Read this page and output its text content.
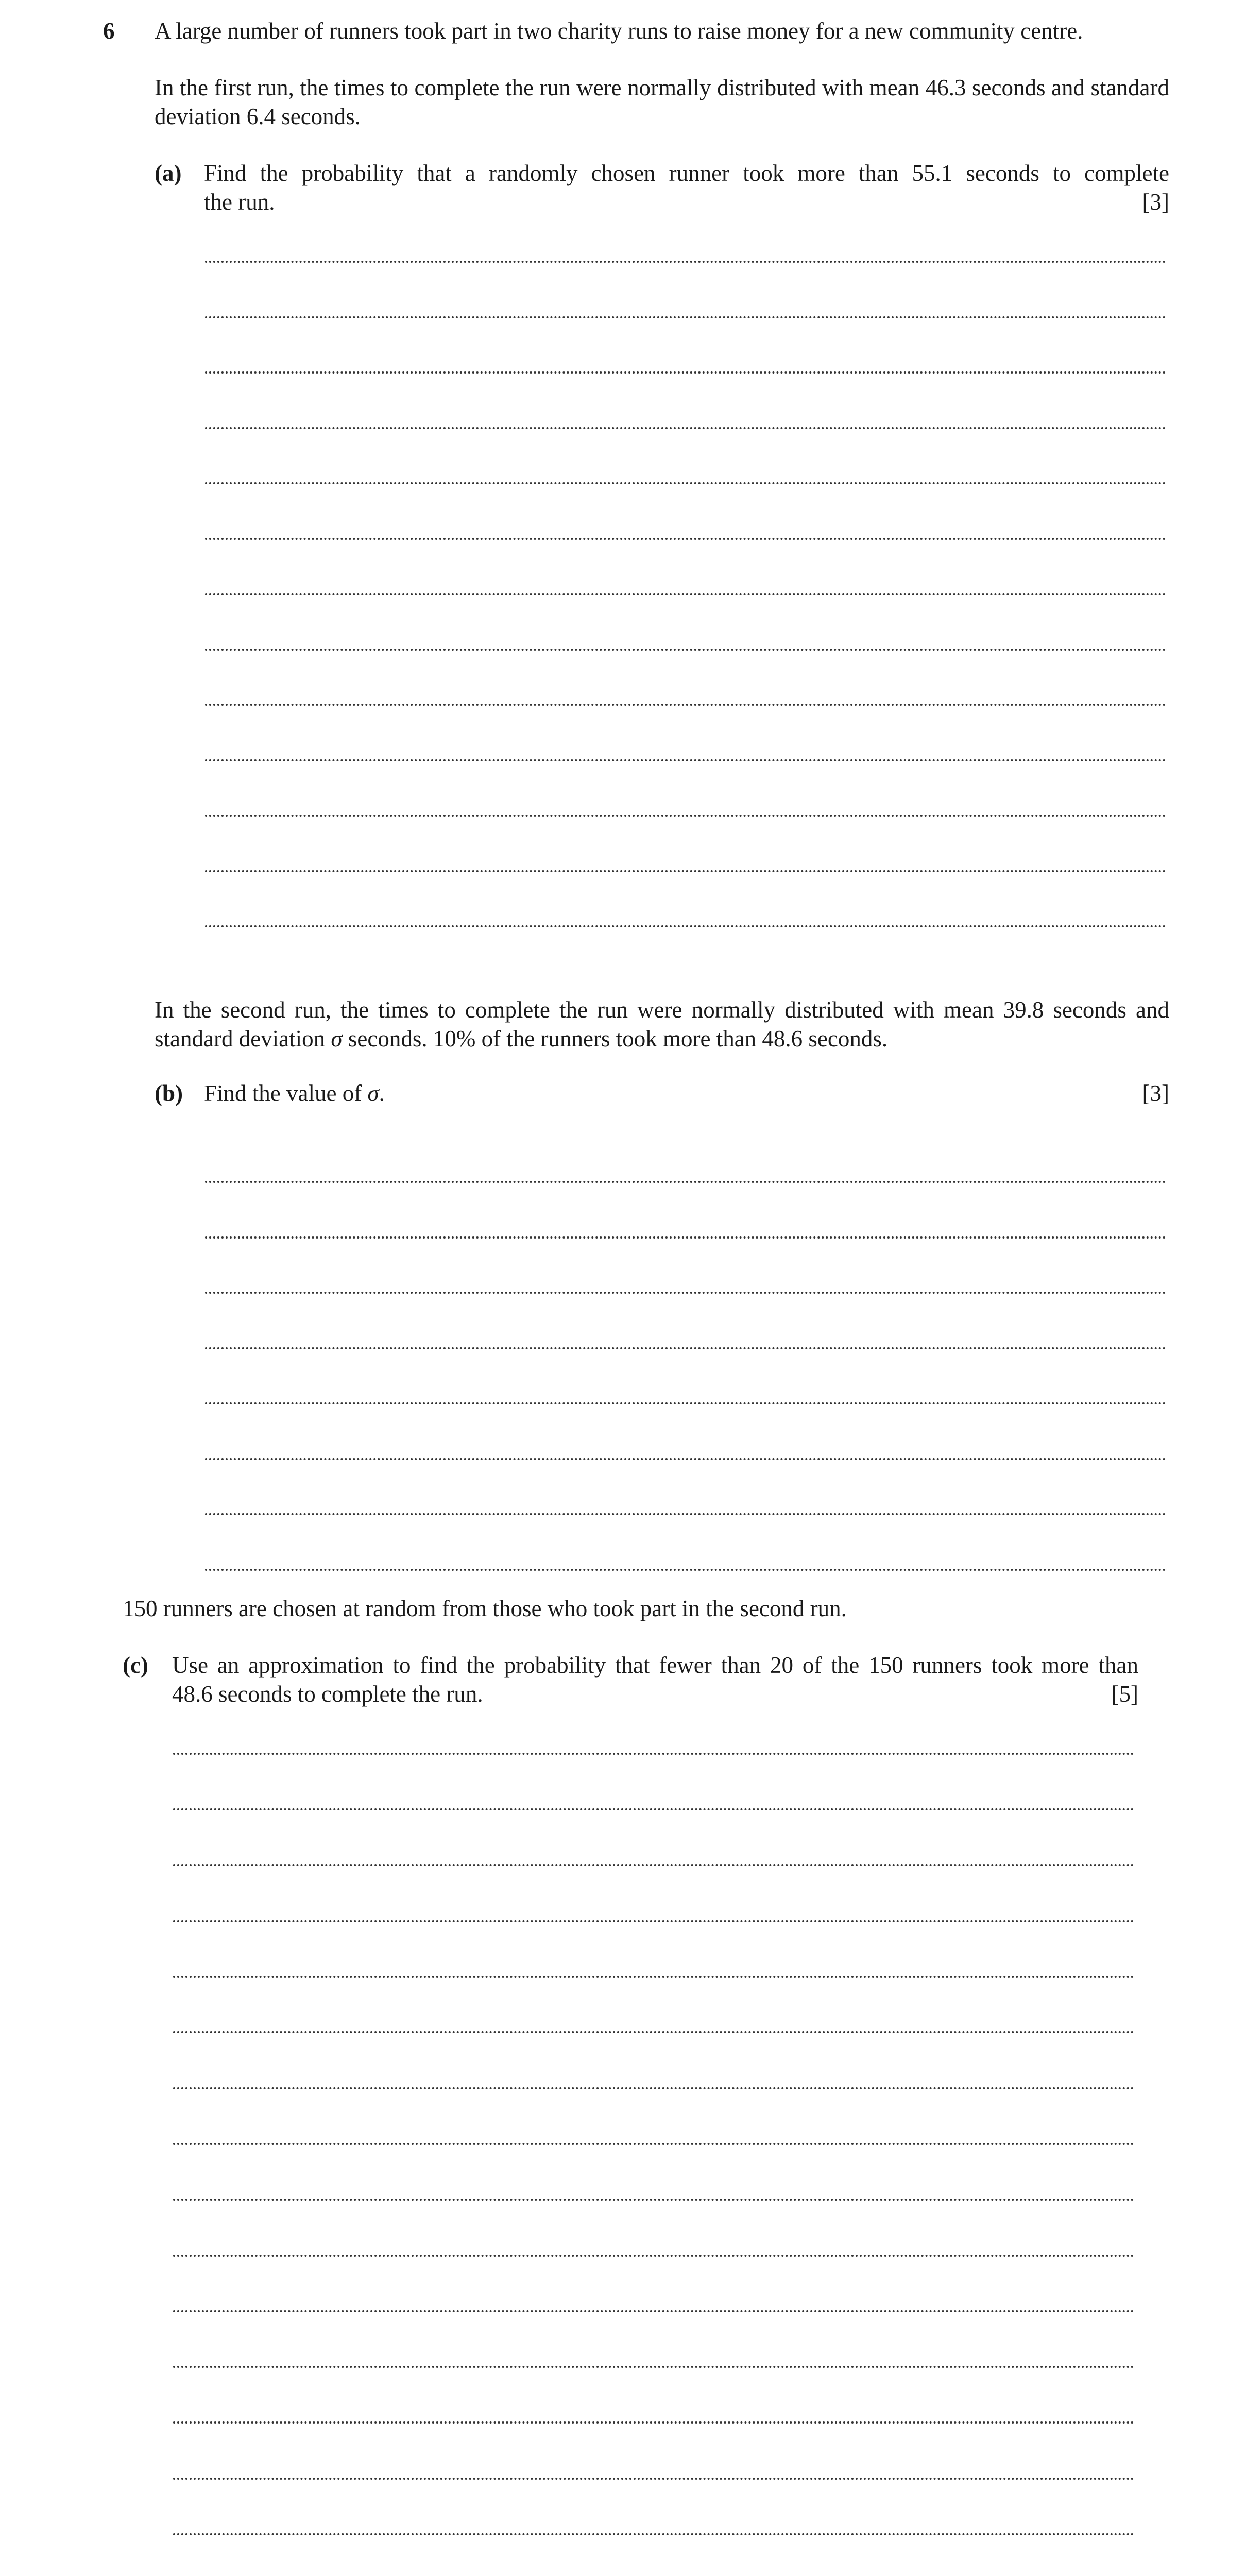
6 A large number of runners took part in two charity runs to raise money for a new community centre.

In the first run, the times to complete the run were normally distributed with mean 46.3 seconds and standard deviation 6.4 seconds.

(a) Find the probability that a randomly chosen runner took more than 55.1 seconds to complete
the run.	[3]

In the second run, the times to complete the run were normally distributed with mean 39.8 seconds and standard deviation σ seconds. 10% of the runners took more than 48.6 seconds.

(b) Find the value of σ.	[3]

150 runners are chosen at random from those who took part in the second run.

(c) Use an approximation to find the probability that fewer than 20 of the 150 runners took more than
48.6 seconds to complete the run.	[5]
